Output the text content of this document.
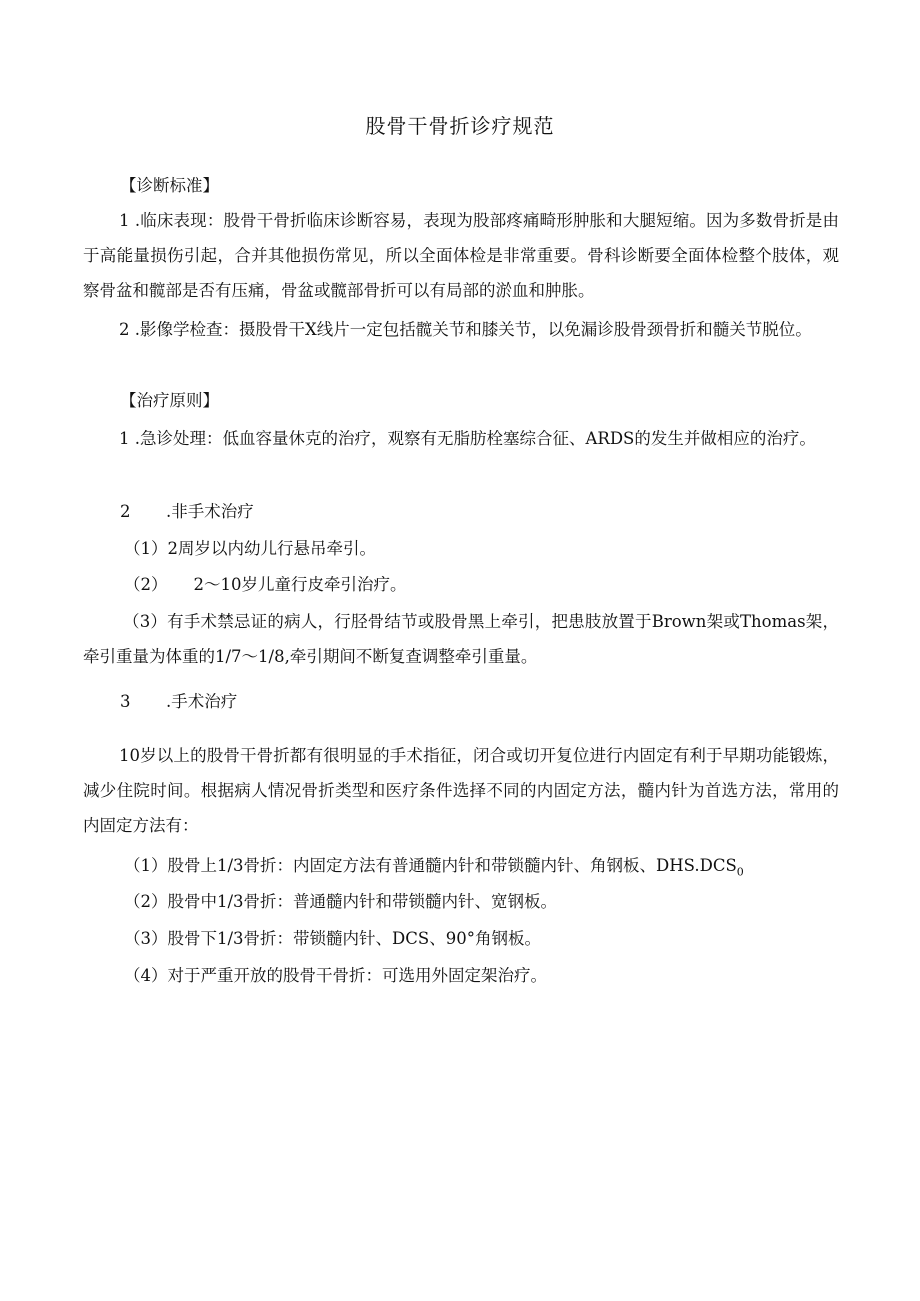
股骨干骨折诊疗规范

【诊断标准】

1 .临床表现：股骨干骨折临床诊断容易，表现为股部疼痛畸形肿胀和大腿短缩。因为多数骨折是由于高能量损伤引起，合并其他损伤常见，所以全面体检是非常重要。骨科诊断要全面体检整个肢体，观察骨盆和髋部是否有压痛，骨盆或髋部骨折可以有局部的淤血和肿胀。

2 .影像学检查：摄股骨干X线片一定包括髋关节和膝关节，以免漏诊股骨颈骨折和髓关节脱位。

【治疗原则】

1 .急诊处理：低血容量休克的治疗，观察有无脂肪栓塞综合征、ARDS的发生并做相应的治疗。

2 .非手术治疗

（1）2周岁以内幼儿行悬吊牵引。

（2） 2～10岁儿童行皮牵引治疗。

（3）有手术禁忌证的病人，行胫骨结节或股骨黑上牵引，把患肢放置于Brown架或Thomas架，牵引重量为体重的1/7～1/8,牵引期间不断复查调整牵引重量。

3 .手术治疗

10岁以上的股骨干骨折都有很明显的手术指征，闭合或切开复位进行内固定有利于早期功能锻炼，减少住院时间。根据病人情况骨折类型和医疗条件选择不同的内固定方法，髓内针为首选方法，常用的内固定方法有：

（1）股骨上1/3骨折：内固定方法有普通髓内针和带锁髓内针、角钢板、$DHS.DCS_0$

（2）股骨中1/3骨折：普通髓内针和带锁髓内针、宽钢板。

（3）股骨下1/3骨折：带锁髓内针、DCS、90°角钢板。

（4）对于严重开放的股骨干骨折：可选用外固定架治疗。
